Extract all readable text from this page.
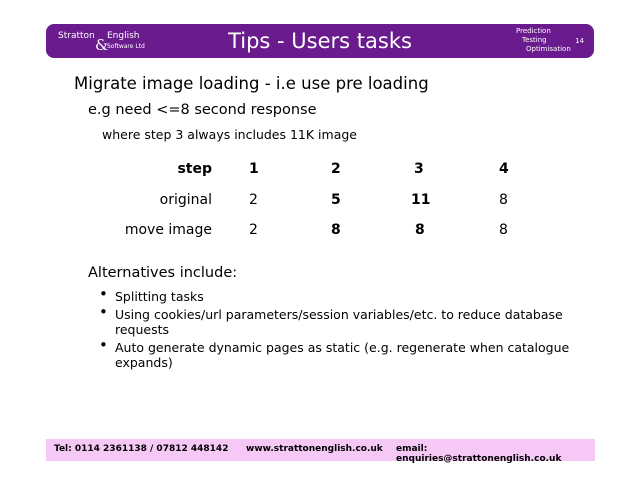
Stratton &
English
Software Ltd	Tips - Users tasks	Prediction
Testing
Optimisation
14
Migrate image loading - i.e use pre loading
e.g need <=8 second response
where step 3 always includes 11K image
step	1	2	3	4
original	2	5	11	8
move image	2	8	8	8
Alternatives include:
• Splitting tasks
• Using cookies/url parameters/session variables/etc. to reduce database requests
• Auto generate dynamic pages as static (e.g. regenerate when catalogue expands)
Tel: 0114 2361138 / 07812 448142 www.strattonenglish.co.uk email: enquiries@strattonenglish.co.uk
